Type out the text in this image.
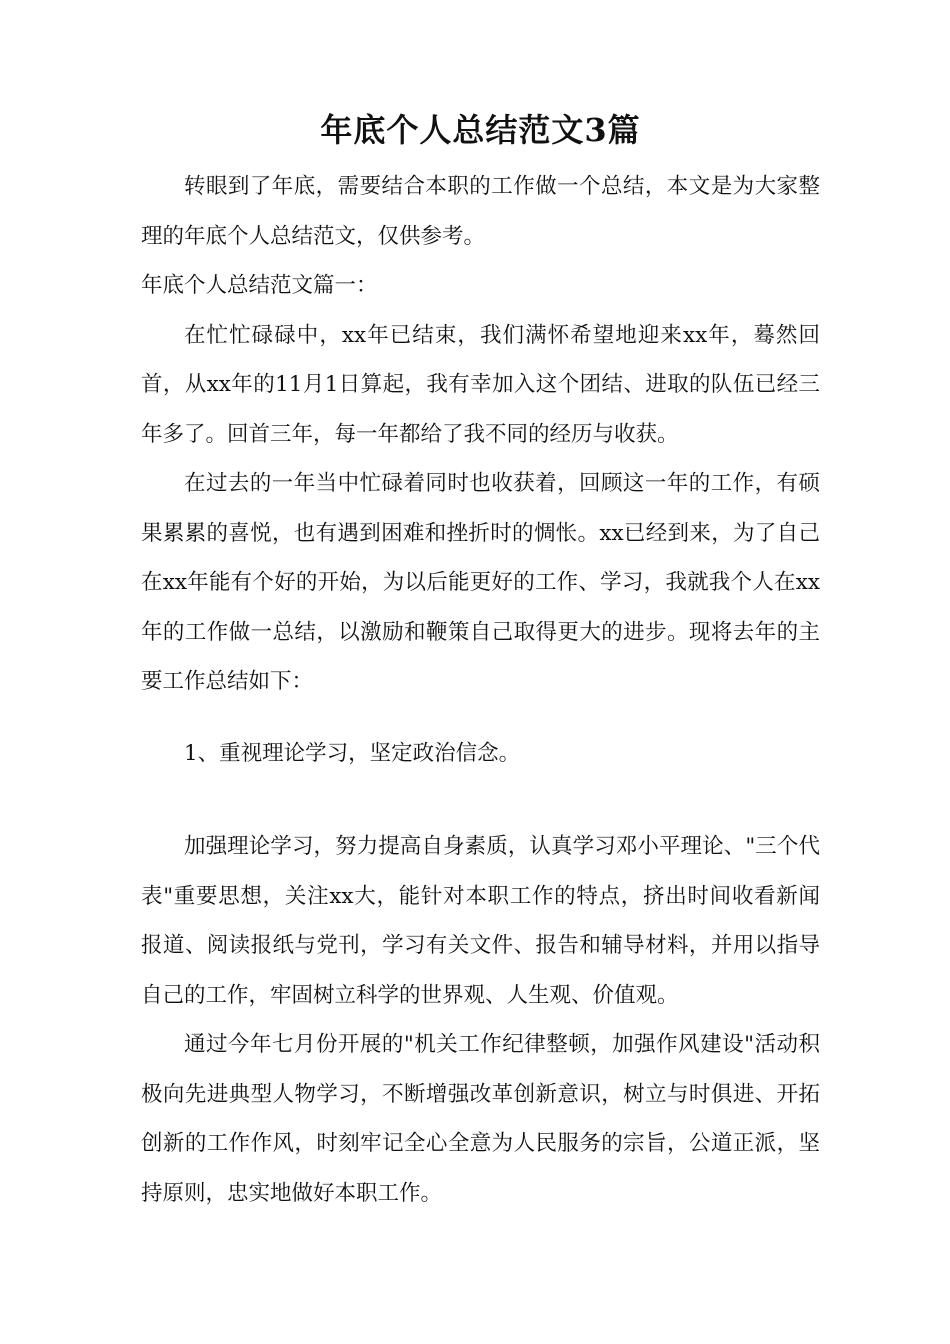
年底个人总结范文3篇

转眼到了年底，需要结合本职的工作做一个总结，本文是为大家整理的年底个人总结范文，仅供参考。

年底个人总结范文篇一：

在忙忙碌碌中，xx年已结束，我们满怀希望地迎来xx年，蓦然回首，从xx年的11月1日算起，我有幸加入这个团结、进取的队伍已经三年多了。回首三年，每一年都给了我不同的经历与收获。

在过去的一年当中忙碌着同时也收获着，回顾这一年的工作，有硕果累累的喜悦，也有遇到困难和挫折时的惆怅。xx已经到来，为了自己在xx年能有个好的开始，为以后能更好的工作、学习，我就我个人在xx年的工作做一总结，以激励和鞭策自己取得更大的进步。现将去年的主要工作总结如下：

1、重视理论学习，坚定政治信念。

加强理论学习，努力提高自身素质，认真学习邓小平理论、"三个代表"重要思想，关注xx大，能针对本职工作的特点，挤出时间收看新闻报道、阅读报纸与党刊，学习有关文件、报告和辅导材料，并用以指导自己的工作，牢固树立科学的世界观、人生观、价值观。

通过今年七月份开展的"机关工作纪律整顿，加强作风建设"活动积极向先进典型人物学习，不断增强改革创新意识，树立与时俱进、开拓创新的工作作风，时刻牢记全心全意为人民服务的宗旨，公道正派，坚持原则，忠实地做好本职工作。
